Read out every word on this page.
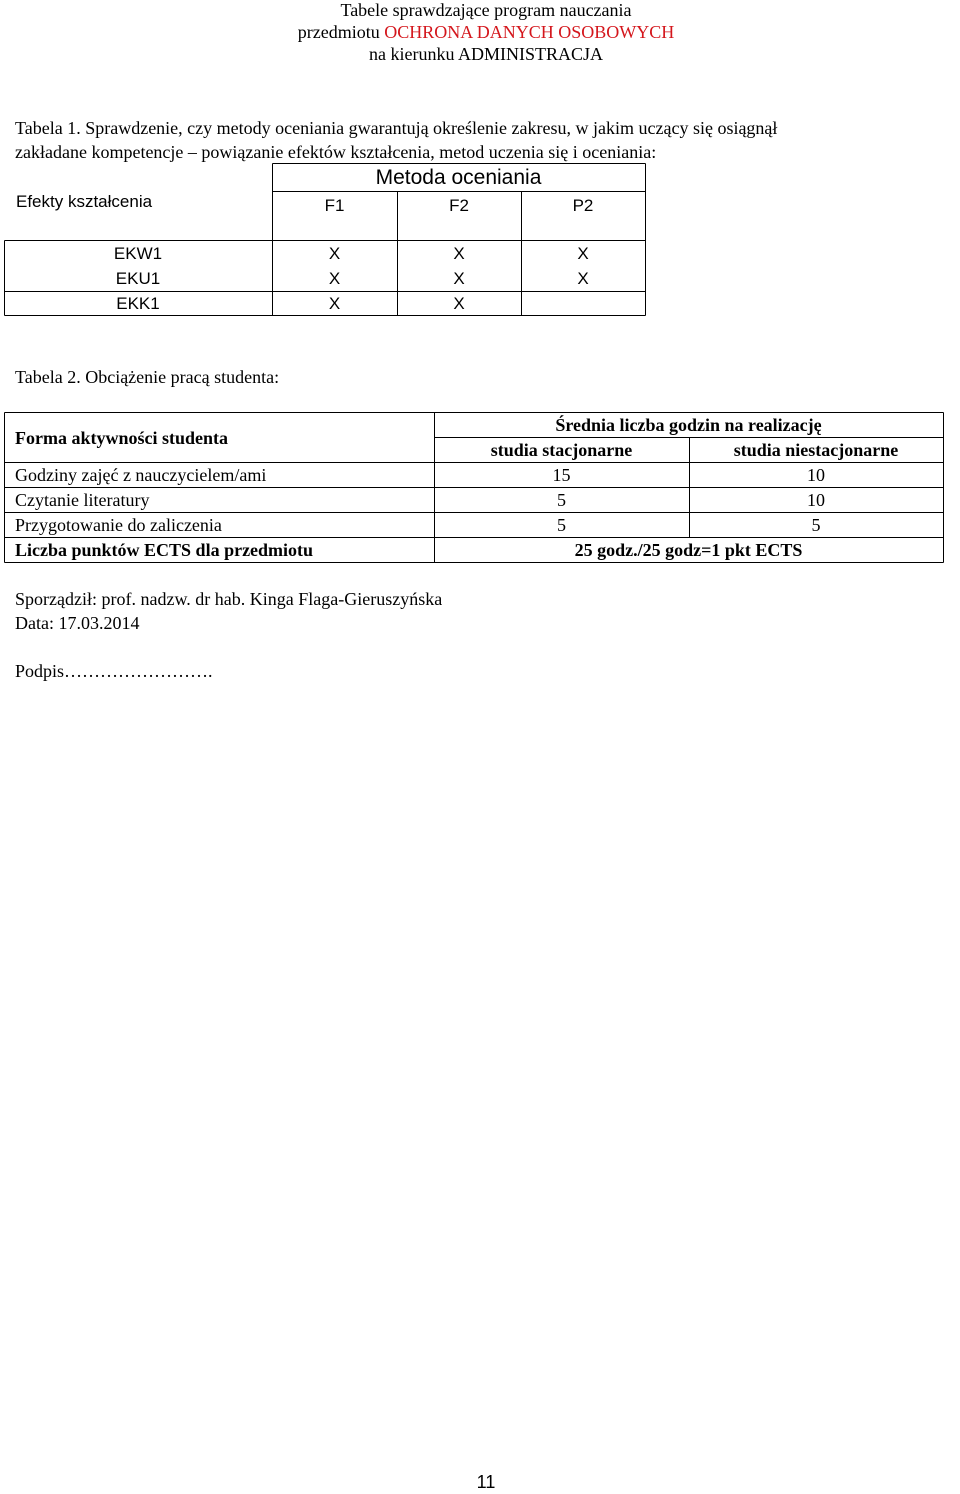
Tabele sprawdzające program nauczania
przedmiotu OCHRONA DANYCH OSOBOWYCH
na kierunku ADMINISTRACJA
Tabela 1. Sprawdzenie, czy metody oceniania gwarantują określenie zakresu, w jakim uczący się osiągnął
zakładane kompetencje – powiązanie efektów kształcenia, metod uczenia się i oceniania:
Efekty kształcenia
Metoda oceniania
F1	F2	P2
EKW1	X	X	X
EKU1	X	X	X
EKK1	X	X
Tabela 2. Obciążenie pracą studenta:
Forma aktywności studenta
Średnia liczba godzin na realizację
studia stacjonarne	studia niestacjonarne
Godziny zajęć z nauczycielem/ami	15	10
Czytanie literatury	5	10
Przygotowanie do zaliczenia	5	5
Liczba punktów ECTS dla przedmiotu	25 godz./25 godz=1 pkt ECTS
Sporządził: prof. nadzw. dr hab. Kinga Flaga-Gieruszyńska
Data: 17.03.2014
Podpis…………………….
11
